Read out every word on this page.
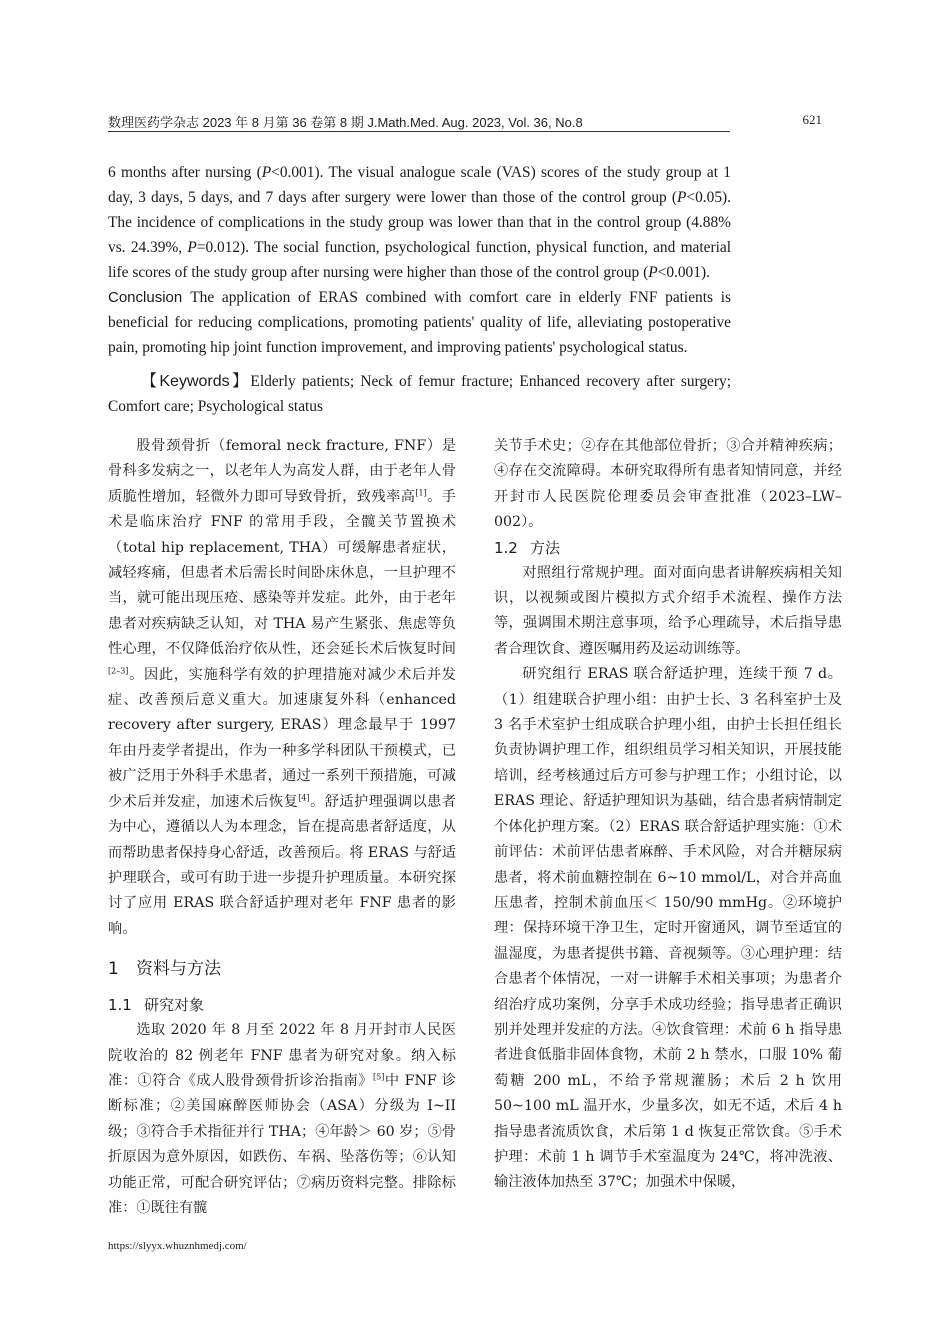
数理医药学杂志 2023 年 8 月第 36 卷第 8 期 J.Math.Med. Aug. 2023, Vol. 36, No.8	621

6 months after nursing (P<0.001). The visual analogue scale (VAS) scores of the study group at 1 day, 3 days, 5 days, and 7 days after surgery were lower than those of the control group (P<0.05). The incidence of complications in the study group was lower than that in the control group (4.88% vs. 24.39%, P=0.012). The social function, psychological function, physical function, and material life scores of the study group after nursing were higher than those of the control group (P<0.001).

Conclusion The application of ERAS combined with comfort care in elderly FNF patients is beneficial for reducing complications, promoting patients' quality of life, alleviating postoperative pain, promoting hip joint function improvement, and improving patients' psychological status.

【Keywords】Elderly patients; Neck of femur fracture; Enhanced recovery after surgery; Comfort care; Psychological status

股骨颈骨折（femoral neck fracture, FNF）是骨科多发病之一，以老年人为高发人群，由于老年人骨质脆性增加，轻微外力即可导致骨折，致残率高[1]。手术是临床治疗 FNF 的常用手段，全髋关节置换术（total hip replacement, THA）可缓解患者症状，减轻疼痛，但患者术后需长时间卧床休息，一旦护理不当，就可能出现压疮、感染等并发症。此外，由于老年患者对疾病缺乏认知，对 THA 易产生紧张、焦虑等负性心理，不仅降低治疗依从性，还会延长术后恢复时间[2–3]。因此，实施科学有效的护理措施对减少术后并发症、改善预后意义重大。加速康复外科（enhanced recovery after surgery, ERAS）理念最早于 1997 年由丹麦学者提出，作为一种多学科团队干预模式，已被广泛用于外科手术患者，通过一系列干预措施，可减少术后并发症，加速术后恢复[4]。舒适护理强调以患者为中心，遵循以人为本理念，旨在提高患者舒适度，从而帮助患者保持身心舒适，改善预后。将 ERAS 与舒适护理联合，或可有助于进一步提升护理质量。本研究探讨了应用 ERAS 联合舒适护理对老年 FNF 患者的影响。

1 资料与方法
1.1 研究对象

选取 2020 年 8 月至 2022 年 8 月开封市人民医院收治的 82 例老年 FNF 患者为研究对象。纳入标准：①符合《成人股骨颈骨折诊治指南》[5]中 FNF 诊断标准；②美国麻醉医师协会（ASA）分级为 I~II 级；③符合手术指征并行 THA；④年龄＞ 60 岁；⑤骨折原因为意外原因，如跌伤、车祸、坠落伤等；⑥认知功能正常，可配合研究评估；⑦病历资料完整。排除标准：①既往有髋

关节手术史；②存在其他部位骨折；③合并精神疾病；④存在交流障碍。本研究取得所有患者知情同意，并经开封市人民医院伦理委员会审查批准（2023–LW–002）。

1.2 方法

对照组行常规护理。面对面向患者讲解疾病相关知识，以视频或图片模拟方式介绍手术流程、操作方法等，强调围术期注意事项，给予心理疏导，术后指导患者合理饮食、遵医嘱用药及运动训练等。

研究组行 ERAS 联合舒适护理，连续干预 7 d。（1）组建联合护理小组：由护士长、3 名科室护士及 3 名手术室护士组成联合护理小组，由护士长担任组长负责协调护理工作，组织组员学习相关知识，开展技能培训，经考核通过后方可参与护理工作；小组讨论，以 ERAS 理论、舒适护理知识为基础，结合患者病情制定个体化护理方案。（2）ERAS 联合舒适护理实施：①术前评估：术前评估患者麻醉、手术风险，对合并糖尿病患者，将术前血糖控制在 6~10 mmol/L，对合并高血压患者，控制术前血压＜ 150/90 mmHg。②环境护理：保持环境干净卫生，定时开窗通风，调节至适宜的温湿度，为患者提供书籍、音视频等。③心理护理：结合患者个体情况，一对一讲解手术相关事项；为患者介绍治疗成功案例，分享手术成功经验；指导患者正确识别并处理并发症的方法。④饮食管理：术前 6 h 指导患者进食低脂非固体食物，术前 2 h 禁水，口服 10% 葡萄糖 200 mL，不给予常规灌肠；术后 2 h 饮用 50~100 mL 温开水，少量多次，如无不适，术后 4 h 指导患者流质饮食，术后第 1 d 恢复正常饮食。⑤手术护理：术前 1 h 调节手术室温度为 24℃，将冲洗液、输注液体加热至 37℃；加强术中保暖，

https://slyyx.whuznhmedj.com/
